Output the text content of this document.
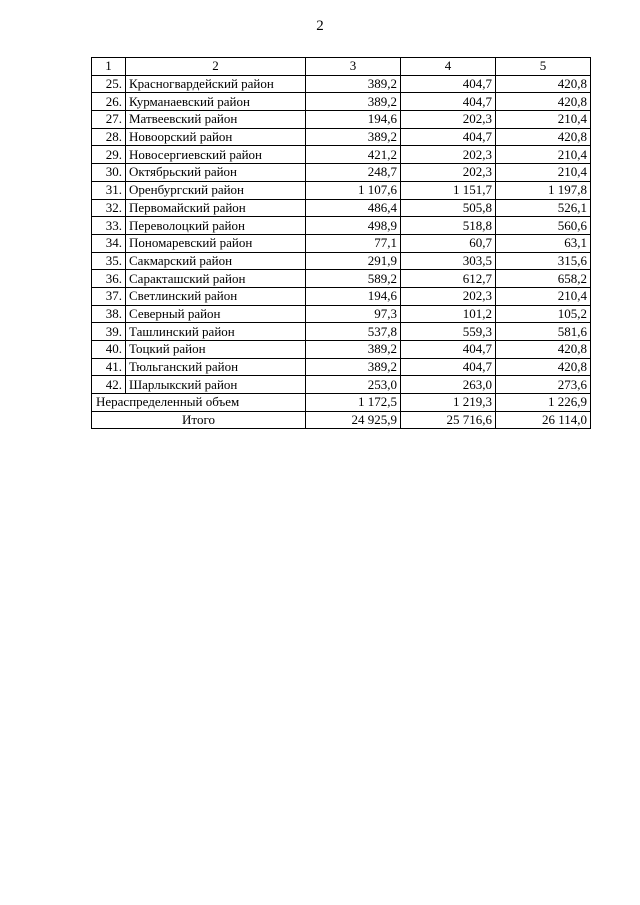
2
1	2	3	4	5
25.	Красногвардейский район	389,2	404,7	420,8
26.	Курманаевский район	389,2	404,7	420,8
27.	Матвеевский район	194,6	202,3	210,4
28.	Новоорский район	389,2	404,7	420,8
29.	Новосергиевский район	421,2	202,3	210,4
30.	Октябрьский район	248,7	202,3	210,4
31.	Оренбургский район	1 107,6	1 151,7	1 197,8
32.	Первомайский район	486,4	505,8	526,1
33.	Переволоцкий район	498,9	518,8	560,6
34.	Пономаревский район	77,1	60,7	63,1
35.	Сакмарский район	291,9	303,5	315,6
36.	Саракташский район	589,2	612,7	658,2
37.	Светлинский район	194,6	202,3	210,4
38.	Северный район	97,3	101,2	105,2
39.	Ташлинский район	537,8	559,3	581,6
40.	Тоцкий район	389,2	404,7	420,8
41.	Тюльганский район	389,2	404,7	420,8
42.	Шарлыкский район	253,0	263,0	273,6
Нераспределенный объем		1 172,5	1 219,3	1 226,9
Итого		24 925,9	25 716,6	26 114,0
